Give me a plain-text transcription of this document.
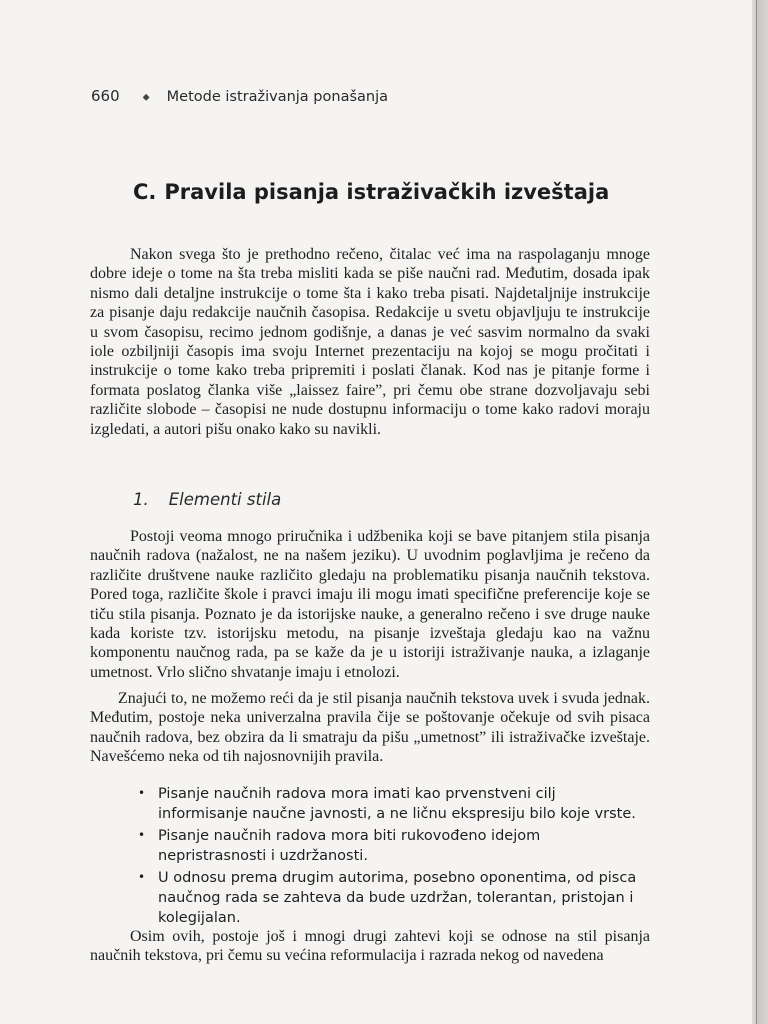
660 ⬥ Metode istraživanja ponašanja
C. Pravila pisanja istraživačkih izveštaja

Nakon svega što je prethodno rečeno, čitalac već ima na raspolaganju mnoge dobre ideje o tome na šta treba misliti kada se piše naučni rad. Međutim, dosada ipak nismo dali detaljne instrukcije o tome šta i kako treba pisati. Najdetaljnije instrukcije za pisanje daju redakcije naučnih časopisa. Redakcije u svetu objavljuju te instrukcije u svom časopisu, recimo jednom godišnje, a danas je već sasvim normalno da svaki iole ozbiljniji časopis ima svoju Internet prezentaciju na kojoj se mogu pročitati i instrukcije o tome kako treba pripremiti i poslati članak. Kod nas je pitanje forme i formata poslatog članka više „laissez faire”, pri čemu obe strane dozvoljavaju sebi različite slobode – časopisi ne nude dostupnu informaciju o tome kako radovi moraju izgledati, a autori pišu onako kako su navikli.

1. Elementi stila

Postoji veoma mnogo priručnika i udžbenika koji se bave pitanjem stila pisanja naučnih radova (nažalost, ne na našem jeziku). U uvodnim poglavljima je rečeno da različite društvene nauke različito gledaju na problematiku pisanja naučnih tekstova. Pored toga, različite škole i pravci imaju ili mogu imati specifične preferencije koje se tiču stila pisanja. Poznato je da istorijske nauke, a generalno rečeno i sve druge nauke kada koriste tzv. istorijsku metodu, na pisanje izveštaja gledaju kao na važnu komponentu naučnog rada, pa se kaže da je u istoriji istraživanje nauka, a izlaganje umetnost. Vrlo slično shvatanje imaju i etnolozi.

Znajući to, ne možemo reći da je stil pisanja naučnih tekstova uvek i svuda jednak. Međutim, postoje neka univerzalna pravila čije se poštovanje očekuje od svih pisaca naučnih radova, bez obzira da li smatraju da pišu „umetnost” ili istraživačke izveštaje. Navešćemo neka od tih najosnovnijih pravila.

• Pisanje naučnih radova mora imati kao prvenstveni cilj informisanje naučne javnosti, a ne ličnu ekspresiju bilo koje vrste.
• Pisanje naučnih radova mora biti rukovođeno idejom nepristrasnosti i uzdržanosti.
• U odnosu prema drugim autorima, posebno oponentima, od pisca naučnog rada se zahteva da bude uzdržan, tolerantan, pristojan i kolegijalan.

Osim ovih, postoje još i mnogi drugi zahtevi koji se odnose na stil pisanja naučnih tekstova, pri čemu su većina reformulacija i razrada nekog od navedena
